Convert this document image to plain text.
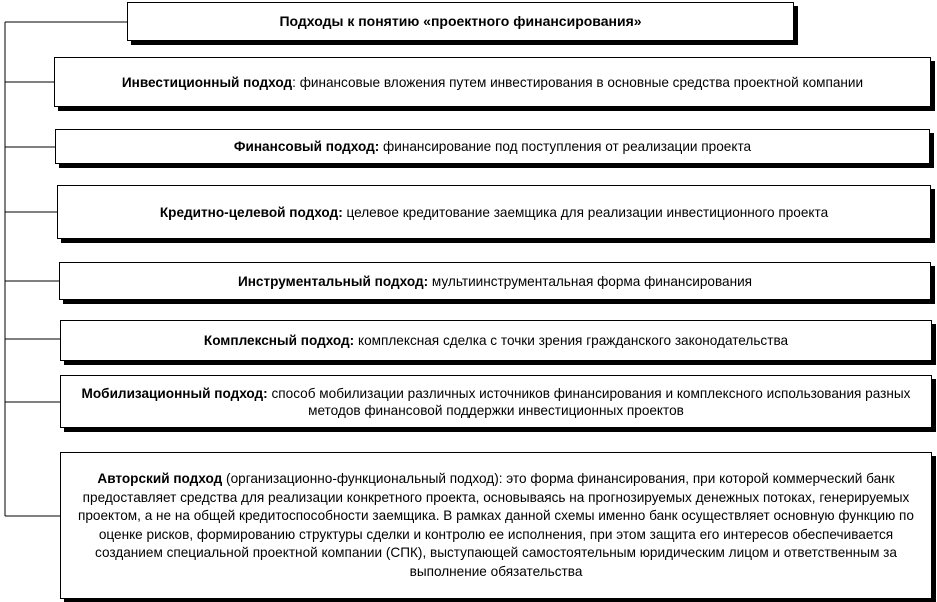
Подходы к понятию «проектного финансирования»

Инвестиционный подход: финансовые вложения путем инвестирования в основные средства проектной компании

Финансовый подход: финансирование под поступления от реализации проекта

Кредитно-целевой подход: целевое кредитование заемщика для реализации инвестиционного проекта

Инструментальный подход: мультиинструментальная форма финансирования

Комплексный подход: комплексная сделка с точки зрения гражданского законодательства

Мобилизационный подход: способ мобилизации различных источников финансирования и комплексного использования разных методов финансовой поддержки инвестиционных проектов

Авторский подход (организационно-функциональный подход): это форма финансирования, при которой коммерческий банк предоставляет средства для реализации конкретного проекта, основываясь на прогнозируемых денежных потоках, генерируемых проектом, а не на общей кредитоспособности заемщика. В рамках данной схемы именно банк осуществляет основную функцию по оценке рисков, формированию структуры сделки и контролю ее исполнения, при этом защита его интересов обеспечивается созданием специальной проектной компании (СПК), выступающей самостоятельным юридическим лицом и ответственным за выполнение обязательства
